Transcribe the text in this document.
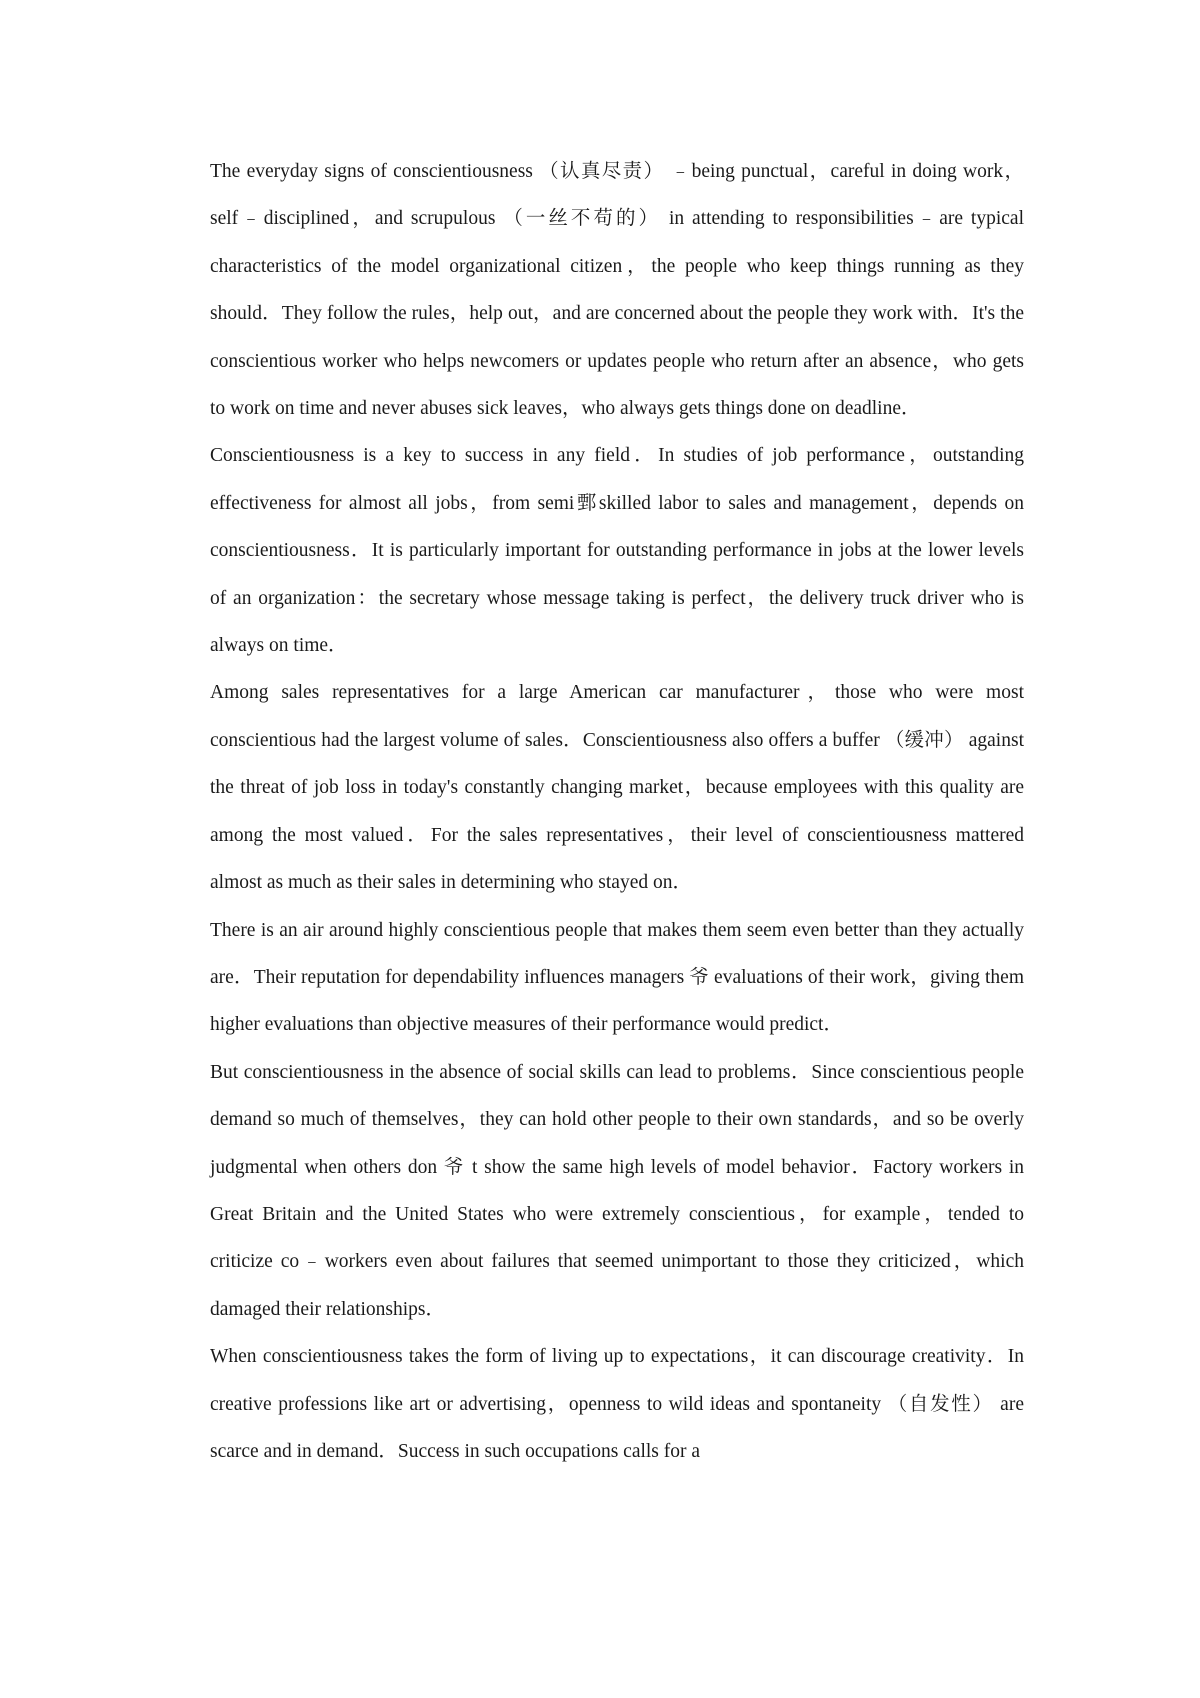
The everyday signs of conscientiousness （认真尽责） ﹣being punctual，careful in doing work，self﹣disciplined，and scrupulous （一丝不苟的） in attending to responsibilities﹣are typical characteristics of the model organizational citizen，the people who keep things running as they should．They follow the rules，help out，and are concerned about the people they work with．It's the conscientious worker who helps newcomers or updates people who return after an absence，who gets to work on time and never abuses sick leaves，who always gets things done on deadline．

Conscientiousness is a key to success in any field．In studies of job performance，outstanding effectiveness for almost all jobs，from semi鄄skilled labor to sales and management，depends on conscientiousness．It is particularly important for outstanding performance in jobs at the lower levels of an organization：the secretary whose message taking is perfect，the delivery truck driver who is always on time．

Among sales representatives for a large American car manufacturer，those who were most conscientious had the largest volume of sales．Conscientiousness also offers a buffer （缓冲） against the threat of job loss in today's constantly changing market，because employees with this quality are among the most valued．For the sales representatives，their level of conscientiousness mattered almost as much as their sales in determining who stayed on．

There is an air around highly conscientious people that makes them seem even better than they actually are．Their reputation for dependability influences managers 爷 evaluations of their work，giving them higher evaluations than objective measures of their performance would predict．

But conscientiousness in the absence of social skills can lead to problems．Since conscientious people demand so much of themselves，they can hold other people to their own standards，and so be overly judgmental when others don 爷 t show the same high levels of model behavior．Factory workers in Great Britain and the United States who were extremely conscientious，for example，tended to criticize co﹣workers even about failures that seemed unimportant to those they criticized，which damaged their relationships．

When conscientiousness takes the form of living up to expectations，it can discourage creativity．In creative professions like art or advertising，openness to wild ideas and spontaneity （自发性） are scarce and in demand．Success in such occupations calls for a
